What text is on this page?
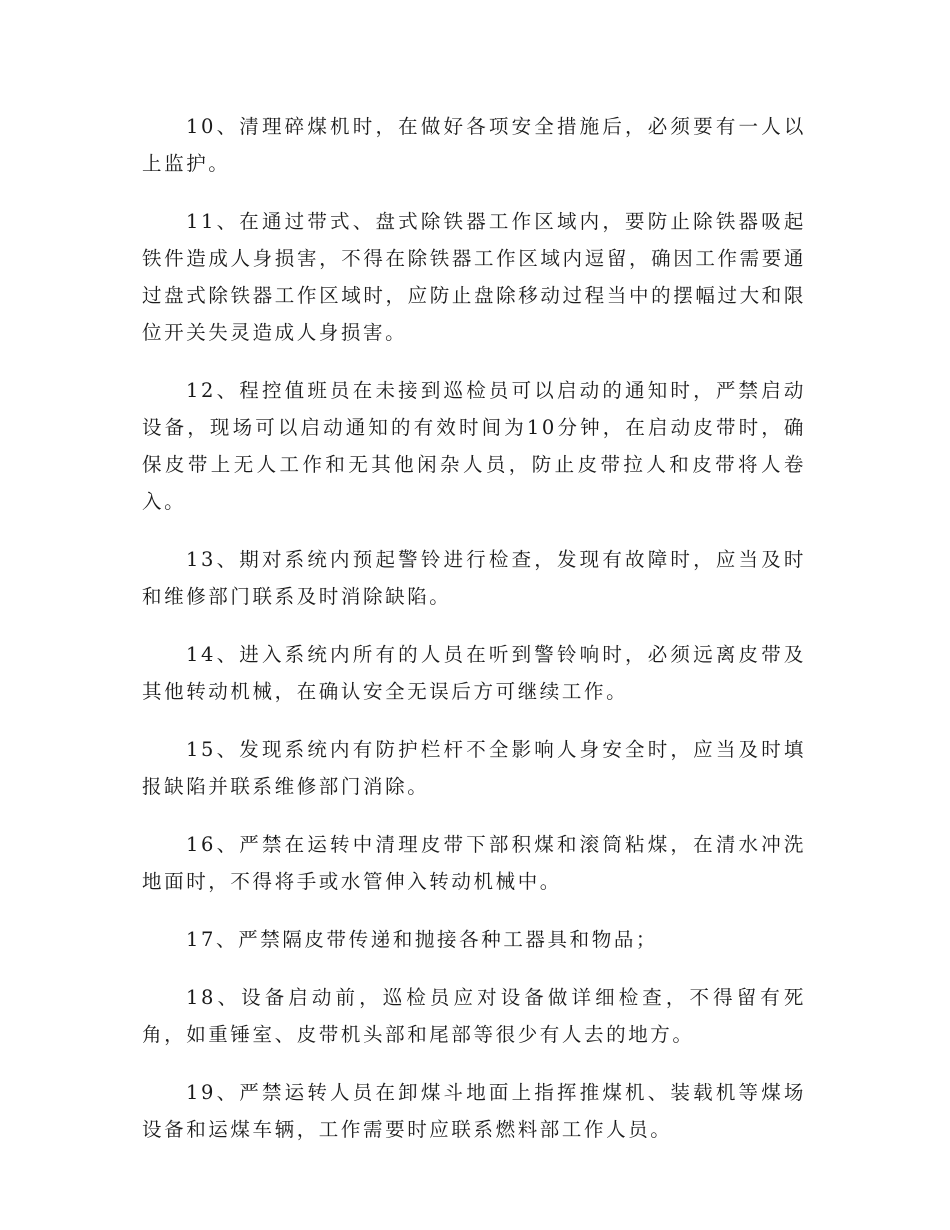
10、清理碎煤机时，在做好各项安全措施后，必须要有一人以上监护。

11、在通过带式、盘式除铁器工作区域内，要防止除铁器吸起铁件造成人身损害，不得在除铁器工作区域内逗留，确因工作需要通过盘式除铁器工作区域时，应防止盘除移动过程当中的摆幅过大和限位开关失灵造成人身损害。

12、程控值班员在未接到巡检员可以启动的通知时，严禁启动设备，现场可以启动通知的有效时间为10分钟，在启动皮带时，确保皮带上无人工作和无其他闲杂人员，防止皮带拉人和皮带将人卷入。

13、期对系统内预起警铃进行检查，发现有故障时，应当及时和维修部门联系及时消除缺陷。

14、进入系统内所有的人员在听到警铃响时，必须远离皮带及其他转动机械，在确认安全无误后方可继续工作。

15、发现系统内有防护栏杆不全影响人身安全时，应当及时填报缺陷并联系维修部门消除。

16、严禁在运转中清理皮带下部积煤和滚筒粘煤，在清水冲洗地面时，不得将手或水管伸入转动机械中。

17、严禁隔皮带传递和抛接各种工器具和物品；

18、设备启动前，巡检员应对设备做详细检查，不得留有死角，如重锤室、皮带机头部和尾部等很少有人去的地方。

19、严禁运转人员在卸煤斗地面上指挥推煤机、装载机等煤场设备和运煤车辆，工作需要时应联系燃料部工作人员。
